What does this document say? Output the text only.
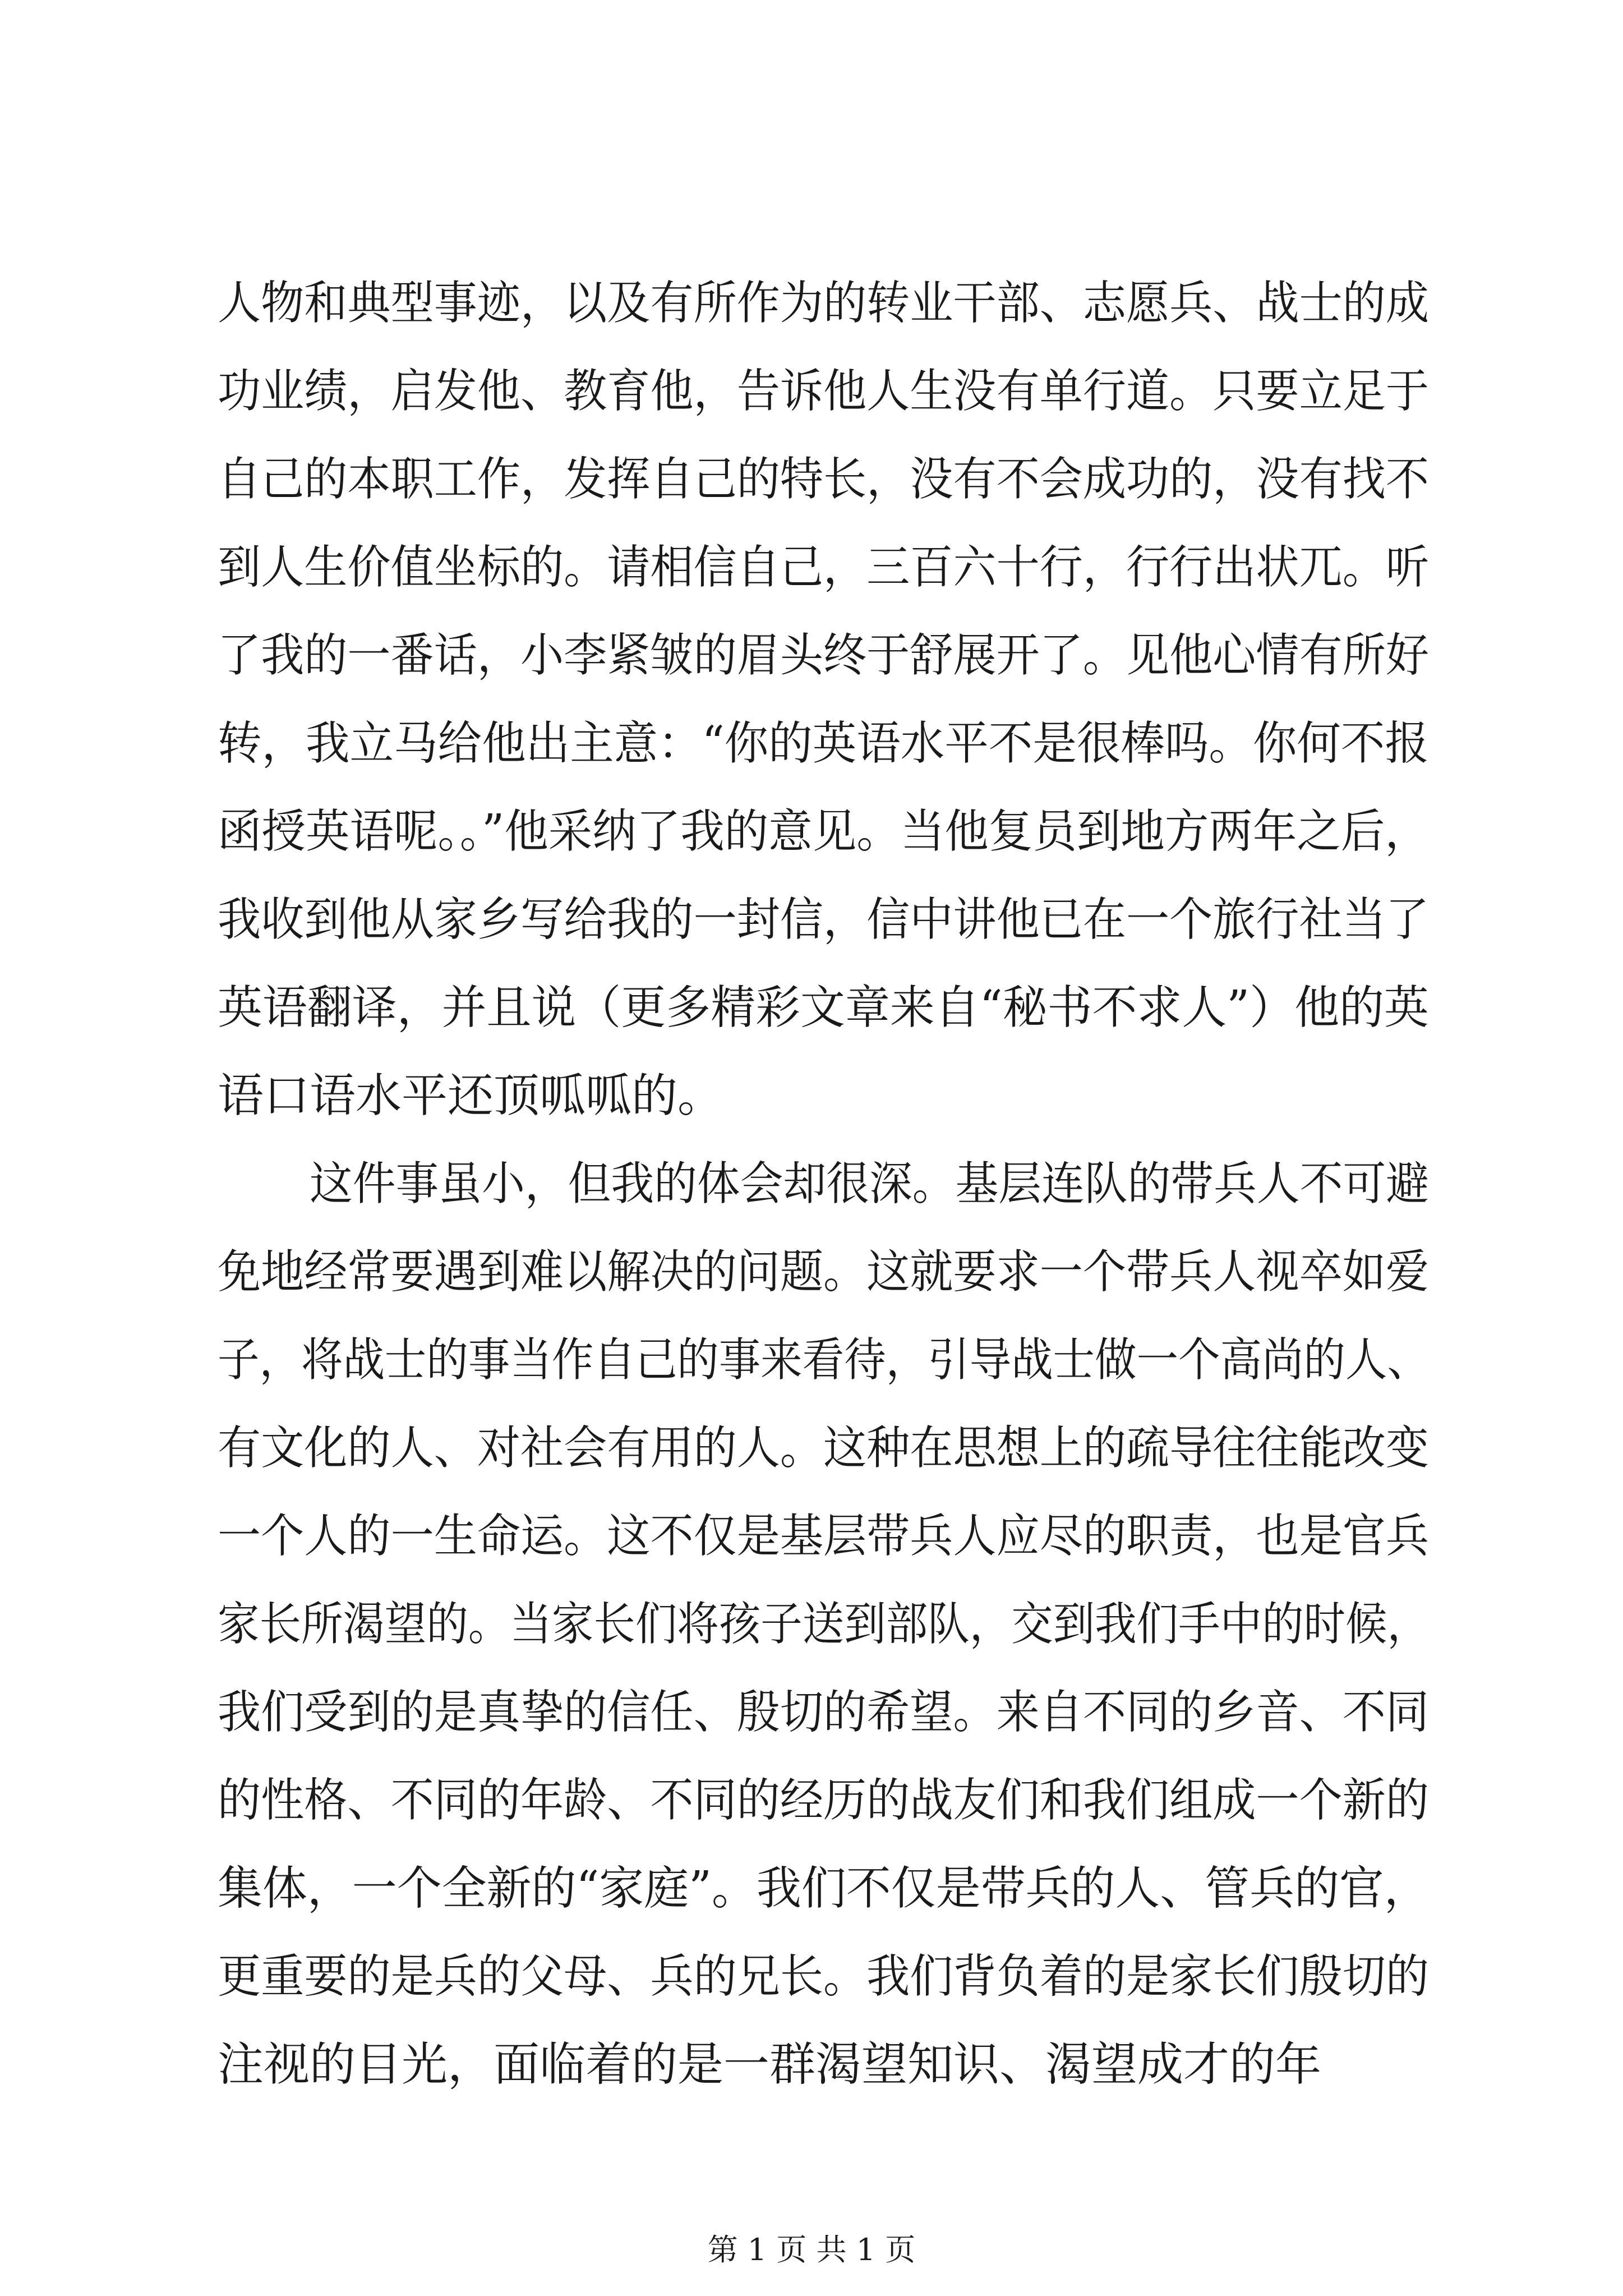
人物和典型事迹，以及有所作为的转业干部、志愿兵、战士的成
功业绩，启发他、教育他，告诉他人生没有单行道。只要立足于
自己的本职工作，发挥自己的特长，没有不会成功的，没有找不
到人生价值坐标的。请相信自己，三百六十行，行行出状兀。听
了我的一番话，小李紧皱的眉头终于舒展开了。见他心情有所好
转，我立马给他出主意：“你的英语水平不是很棒吗。你何不报
函授英语呢。。”他采纳了我的意见。当他复员到地方两年之后，
我收到他从家乡写给我的一封信，信中讲他已在一个旅行社当了
英语翻译，并且说（更多精彩文章来自“秘书不求人”）他的英
语口语水平还顶呱呱的。
这件事虽小，但我的体会却很深。基层连队的带兵人不可避
免地经常要遇到难以解决的问题。这就要求一个带兵人视卒如爱
子，将战士的事当作自己的事来看待，引导战士做一个高尚的人、
有文化的人、对社会有用的人。这种在思想上的疏导往往能改变
一个人的一生命运。这不仅是基层带兵人应尽的职责，也是官兵
家长所渴望的。当家长们将孩子送到部队，交到我们手中的时候，
我们受到的是真挚的信任、殷切的希望。来自不同的乡音、不同
的性格、不同的年龄、不同的经历的战友们和我们组成一个新的
集体，一个全新的“家庭”。我们不仅是带兵的人、管兵的官，
更重要的是兵的父母、兵的兄长。我们背负着的是家长们殷切的
注视的目光，面临着的是一群渴望知识、渴望成才的年
第 1 页 共 1 页
